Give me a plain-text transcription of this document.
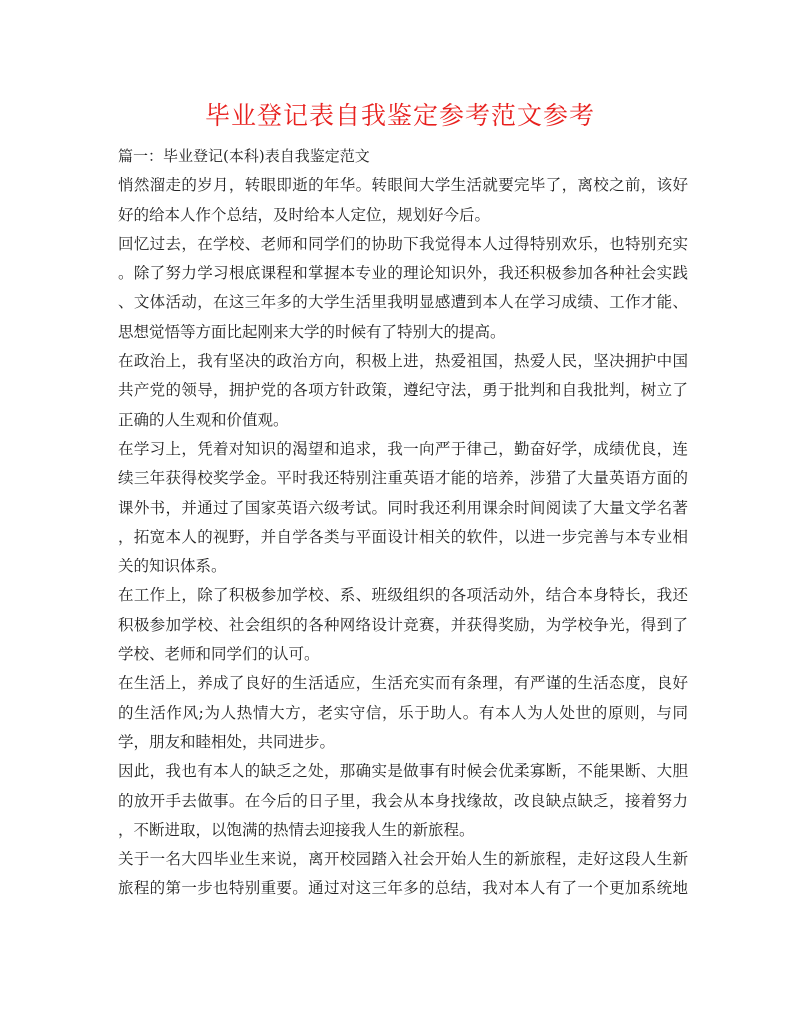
毕业登记表自我鉴定参考范文参考
篇一：毕业登记(本科)表自我鉴定范文
悄然溜走的岁月，转眼即逝的年华。转眼间大学生活就要完毕了，离校之前，该好
好的给本人作个总结，及时给本人定位，规划好今后。
回忆过去，在学校、老师和同学们的协助下我觉得本人过得特别欢乐，也特别充实
。除了努力学习根底课程和掌握本专业的理论知识外，我还积极参加各种社会实践
、文体活动，在这三年多的大学生活里我明显感遭到本人在学习成绩、工作才能、
思想觉悟等方面比起刚来大学的时候有了特别大的提高。
在政治上，我有坚决的政治方向，积极上进，热爱祖国，热爱人民，坚决拥护中国
共产党的领导，拥护党的各项方针政策，遵纪守法，勇于批判和自我批判，树立了
正确的人生观和价值观。
在学习上，凭着对知识的渴望和追求，我一向严于律己，勤奋好学，成绩优良，连
续三年获得校奖学金。平时我还特别注重英语才能的培养，涉猎了大量英语方面的
课外书，并通过了国家英语六级考试。同时我还利用课余时间阅读了大量文学名著
，拓宽本人的视野，并自学各类与平面设计相关的软件，以进一步完善与本专业相
关的知识体系。
在工作上，除了积极参加学校、系、班级组织的各项活动外，结合本身特长，我还
积极参加学校、社会组织的各种网络设计竞赛，并获得奖励，为学校争光，得到了
学校、老师和同学们的认可。
在生活上，养成了良好的生活适应，生活充实而有条理，有严谨的生活态度，良好
的生活作风;为人热情大方，老实守信，乐于助人。有本人为人处世的原则，与同
学，朋友和睦相处，共同进步。
因此，我也有本人的缺乏之处，那确实是做事有时候会优柔寡断，不能果断、大胆
的放开手去做事。在今后的日子里，我会从本身找缘故，改良缺点缺乏，接着努力
，不断进取，以饱满的热情去迎接我人生的新旅程。
关于一名大四毕业生来说，离开校园踏入社会开始人生的新旅程，走好这段人生新
旅程的第一步也特别重要。通过对这三年多的总结，我对本人有了一个更加系统地
